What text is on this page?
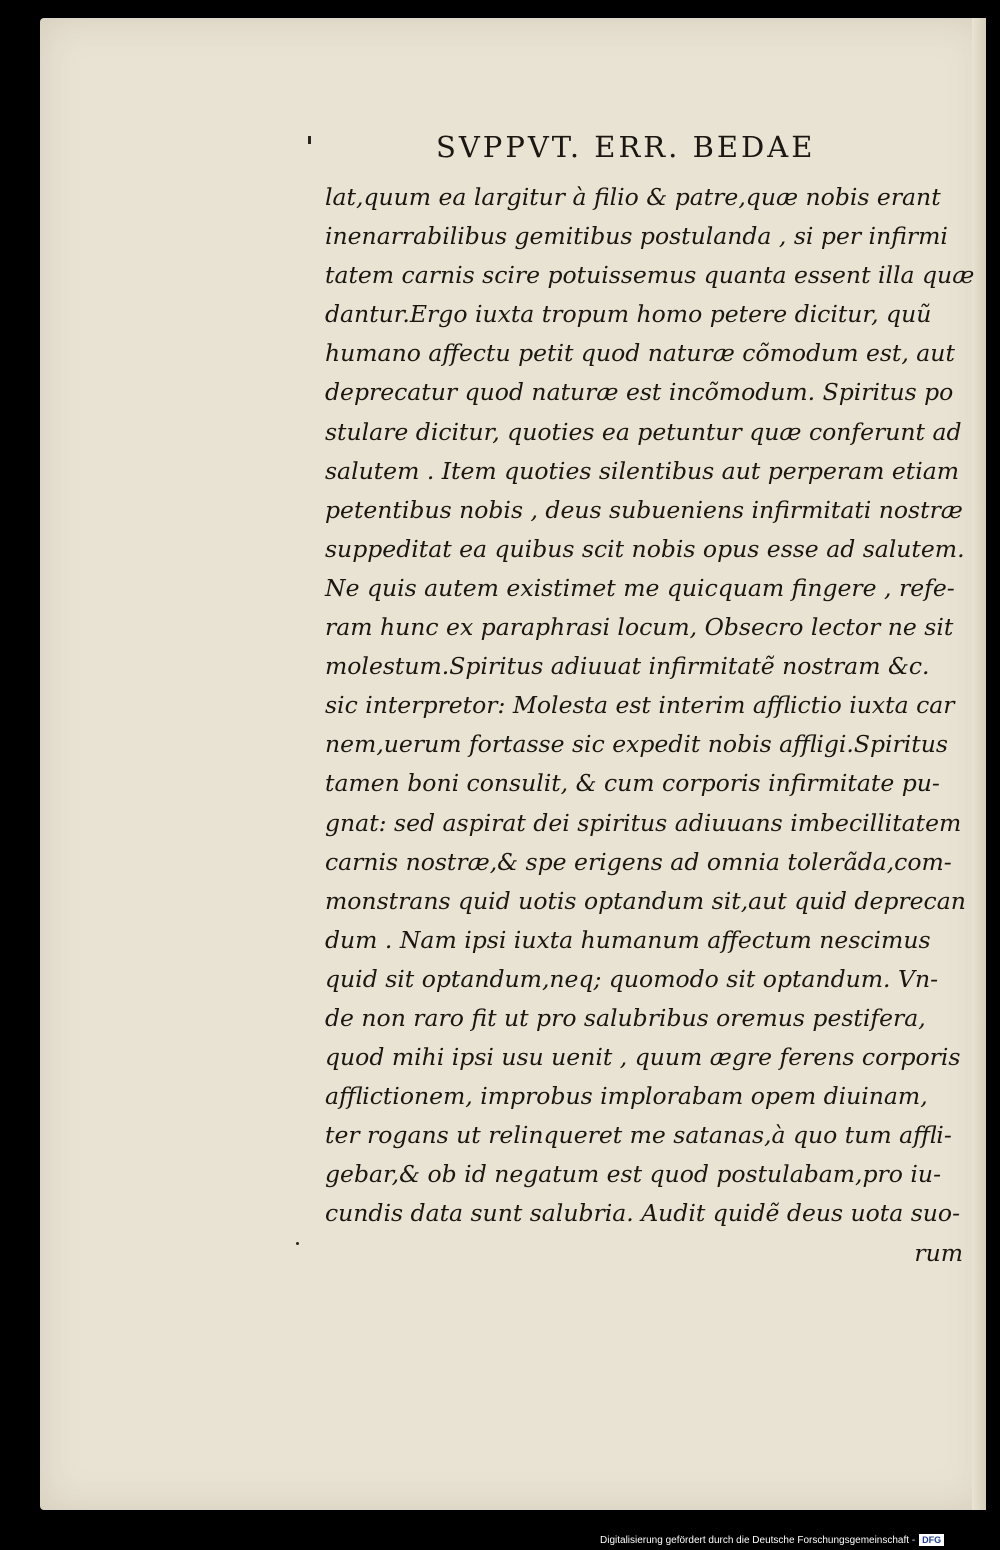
SVPPVT. ERR. BEDAE
lat,quum ea largitur à filio & patre,quæ nobis erant
inenarrabilibus gemitibus postulanda , si per infirmi
tatem carnis scire potuissemus quanta essent illa quæ
dantur.Ergo iuxta tropum homo petere dicitur, quũ
humano affectu petit quod naturæ cõmodum est, aut
deprecatur quod naturæ est incõmodum. Spiritus po
stulare dicitur, quoties ea petuntur quæ conferunt ad
salutem . Item quoties silentibus aut perperam etiam
petentibus nobis , deus subueniens infirmitati nostræ
suppeditat ea quibus scit nobis opus esse ad salutem.
Ne quis autem existimet me quicquam fingere , refe-
ram hunc ex paraphrasi locum, Obsecro lector ne sit
molestum.Spiritus adiuuat infirmitatẽ nostram &c.
sic interpretor: Molesta est interim afflictio iuxta car
nem,uerum fortasse sic expedit nobis affligi.Spiritus
tamen boni consulit, & cum corporis infirmitate pu-
gnat: sed aspirat dei spiritus adiuuans imbecillitatem
carnis nostræ,& spe erigens ad omnia tolerãda,com-
monstrans quid uotis optandum sit,aut quid deprecan
dum . Nam ipsi iuxta humanum affectum nescimus
quid sit optandum,neq; quomodo sit optandum. Vn-
de non raro fit ut pro salubribus oremus pestifera,
quod mihi ipsi usu uenit , quum ægre ferens corporis
afflictionem, improbus implorabam opem diuinam,
ter rogans ut relinqueret me satanas,à quo tum affli-
gebar,& ob id negatum est quod postulabam,pro iu-
cundis data sunt salubria. Audit quidẽ deus uota suo-
rum
Digitalisierung gefördert durch die Deutsche Forschungsgemeinschaft - DFG
